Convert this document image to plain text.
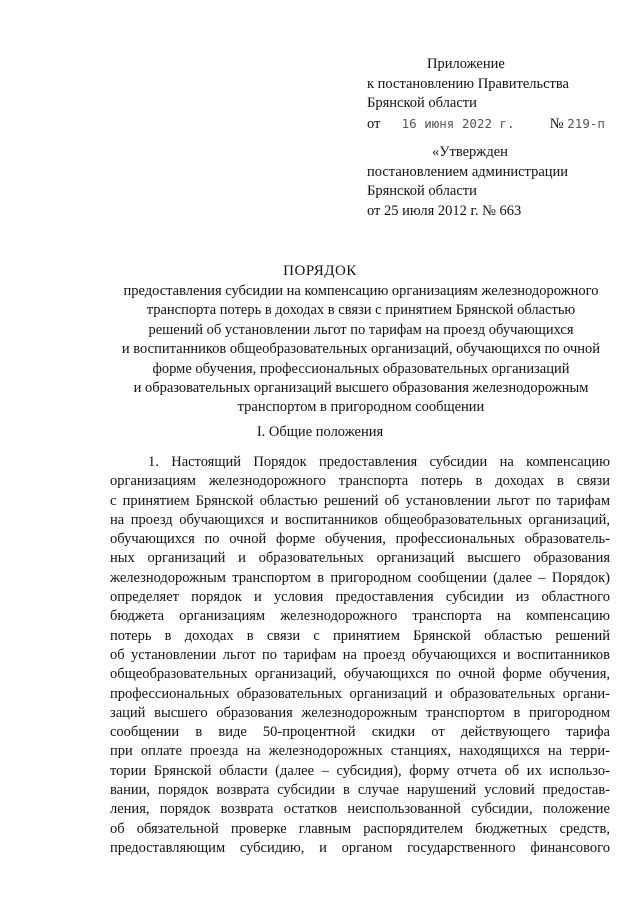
Приложение
к постановлению Правительства
Брянской области
от 16 июня 2022 г. № 219-п
«Утвержден
постановлением администрации
Брянской области
от 25 июля 2012 г. № 663
ПОРЯДОК
предоставления субсидии на компенсацию организациям железнодорожного
транспорта потерь в доходах в связи с принятием Брянской областью
решений об установлении льгот по тарифам на проезд обучающихся
и воспитанников общеобразовательных организаций, обучающихся по очной
форме обучения, профессиональных образовательных организаций
и образовательных организаций высшего образования железнодорожным
транспортом в пригородном сообщении
I. Общие положения
1. Настоящий Порядок предоставления субсидии на компенсацию
организациям железнодорожного транспорта потерь в доходах в связи
с принятием Брянской областью решений об установлении льгот по тарифам
на проезд обучающихся и воспитанников общеобразовательных организаций,
обучающихся по очной форме обучения, профессиональных образователь-
ных организаций и образовательных организаций высшего образования
железнодорожным транспортом в пригородном сообщении (далее – Порядок)
определяет порядок и условия предоставления субсидии из областного
бюджета организациям железнодорожного транспорта на компенсацию
потерь в доходах в связи с принятием Брянской областью решений
об установлении льгот по тарифам на проезд обучающихся и воспитанников
общеобразовательных организаций, обучающихся по очной форме обучения,
профессиональных образовательных организаций и образовательных органи-
заций высшего образования железнодорожным транспортом в пригородном
сообщении в виде 50-процентной скидки от действующего тарифа
при оплате проезда на железнодорожных станциях, находящихся на терри-
тории Брянской области (далее – субсидия), форму отчета об их использо-
вании, порядок возврата субсидии в случае нарушений условий предостав-
ления, порядок возврата остатков неиспользованной субсидии, положение
об обязательной проверке главным распорядителем бюджетных средств,
предоставляющим субсидию, и органом государственного финансового
